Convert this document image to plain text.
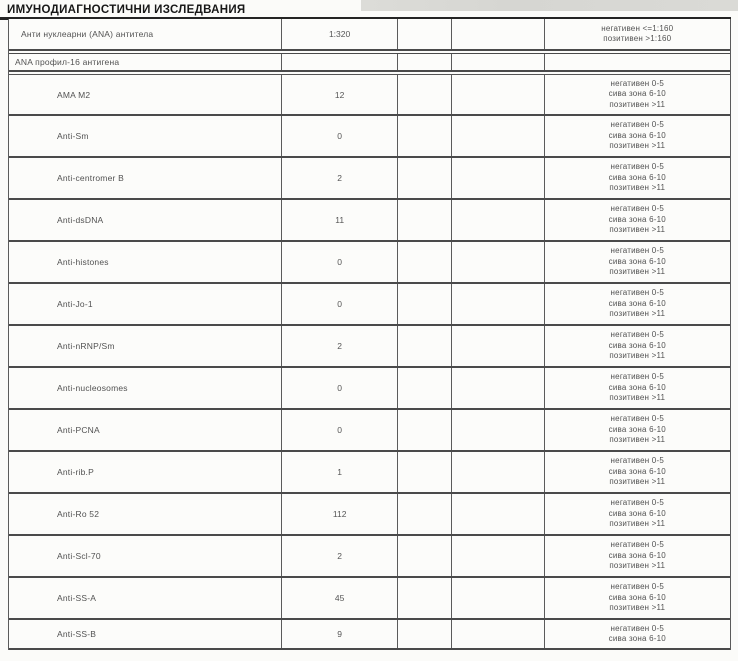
ИМУНОДИАГНОСТИЧНИ ИЗСЛЕДВАНИЯ
Анти нуклеарни (ANA) антитела	1:320
негативен <=1:160
позитивен >1:160
ANA профил-16 антигена
AMA M2	12
негативен 0-5
сива зона 6-10
позитивен >11
Anti-Sm	0
негативен 0-5
сива зона 6-10
позитивен >11
Anti-centromer B	2
негативен 0-5
сива зона 6-10
позитивен >11
Anti-dsDNA	11
негативен 0-5
сива зона 6-10
позитивен >11
Anti-histones	0
негативен 0-5
сива зона 6-10
позитивен >11
Anti-Jo-1	0
негативен 0-5
сива зона 6-10
позитивен >11
Anti-nRNP/Sm	2
негативен 0-5
сива зона 6-10
позитивен >11
Anti-nucleosomes	0
негативен 0-5
сива зона 6-10
позитивен >11
Anti-PCNA	0
негативен 0-5
сива зона 6-10
позитивен >11
Anti-rib.P	1
негативен 0-5
сива зона 6-10
позитивен >11
Anti-Ro 52	112
негативен 0-5
сива зона 6-10
позитивен >11
Anti-Scl-70	2
негативен 0-5
сива зона 6-10
позитивен >11
Anti-SS-A	45
негативен 0-5
сива зона 6-10
позитивен >11
Anti-SS-B	9
негативен 0-5
сива зона 6-10
